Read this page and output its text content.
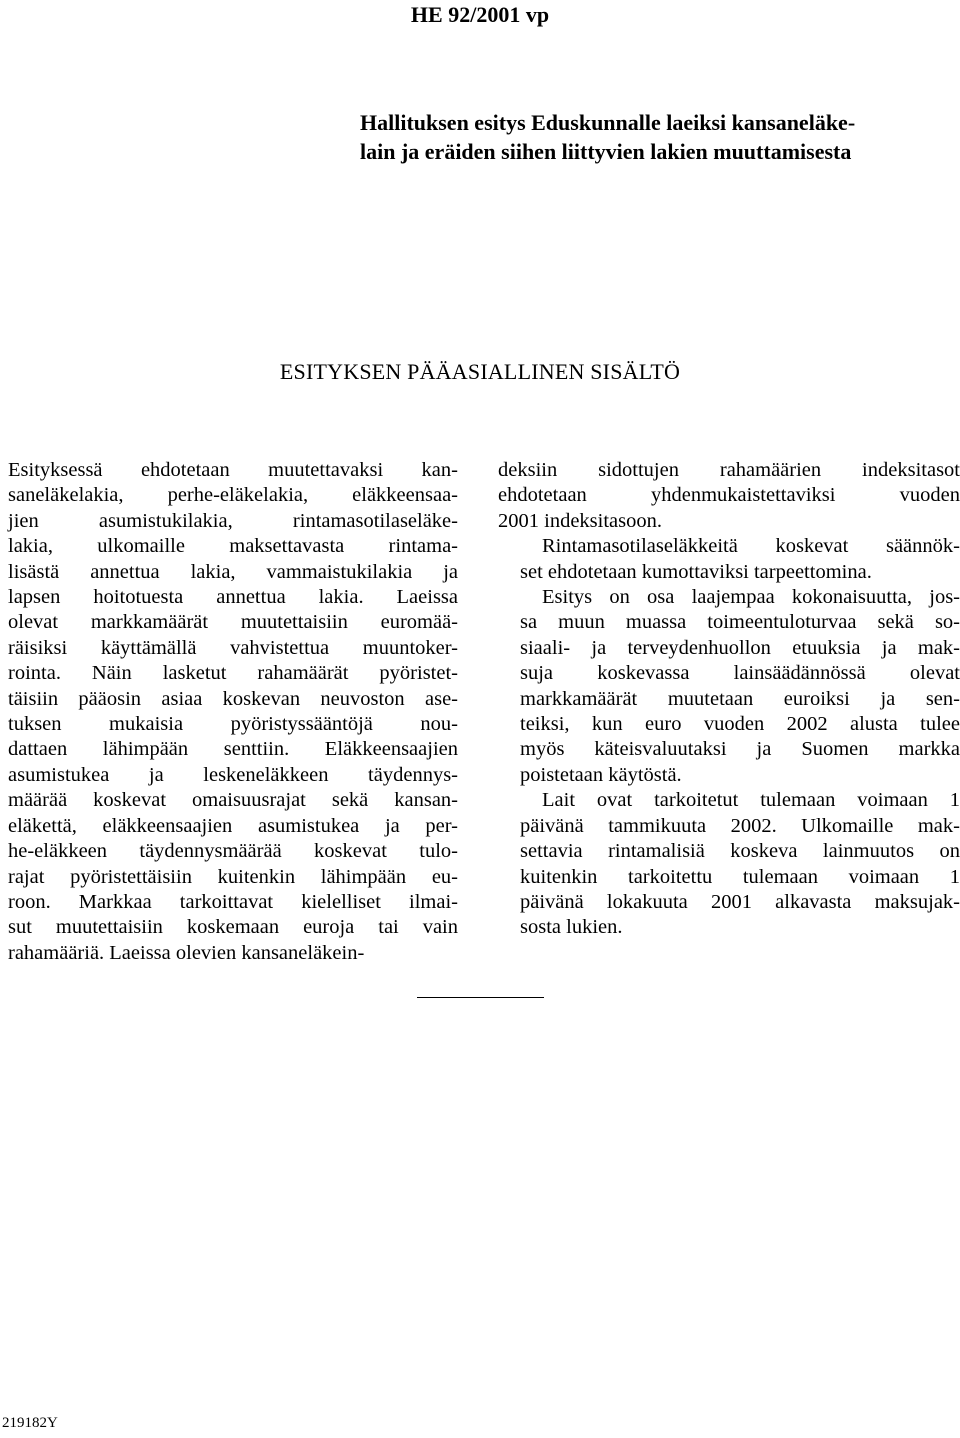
HE 92/2001 vp
Hallituksen esitys Eduskunnalle laeiksi kansaneläke-
lain ja eräiden siihen liittyvien lakien muuttamisesta
ESITYKSEN PÄÄASIALLINEN SISÄLTÖ

Esityksessä ehdotetaan muutettavaksi kan-
saneläkelakia, perhe-eläkelakia, eläkkeensaa-
jien asumistukilakia, rintamasotilaseläke-
lakia, ulkomaille maksettavasta rintama-
lisästä annettua lakia, vammaistukilakia ja
lapsen hoitotuesta annettua lakia. Laeissa
olevat markkamäärät muutettaisiin euromää-
räisiksi käyttämällä vahvistettua muuntoker-
rointa. Näin lasketut rahamäärät pyöristet-
täisiin pääosin asiaa koskevan neuvoston ase-
tuksen mukaisia pyöristyssääntöjä nou-
dattaen lähimpään senttiin. Eläkkeensaajien
asumistukea ja leskeneläkkeen täydennys-
määrää koskevat omaisuusrajat sekä kansan-
eläkettä, eläkkeensaajien asumistukea ja per-
he-eläkkeen täydennysmäärää koskevat tulo-
rajat pyöristettäisiin kuitenkin lähimpään eu-
roon. Markkaa tarkoittavat kielelliset ilmai-
sut muutettaisiin koskemaan euroja tai vain
rahamääriä. Laeissa olevien kansaneläkein-

deksiin sidottujen rahamäärien indeksitasot
ehdotetaan yhdenmukaistettaviksi vuoden
2001 indeksitasoon.

Rintamasotilaseläkkeitä koskevat säännök-
set ehdotetaan kumottaviksi tarpeettomina.

Esitys on osa laajempaa kokonaisuutta, jos-
sa muun muassa toimeentuloturvaa sekä so-
siaali- ja terveydenhuollon etuuksia ja mak-
suja koskevassa lainsäädännössä olevat
markkamäärät muutetaan euroiksi ja sen-
teiksi, kun euro vuoden 2002 alusta tulee
myös käteisvaluutaksi ja Suomen markka
poistetaan käytöstä.

Lait ovat tarkoitetut tulemaan voimaan 1
päivänä tammikuuta 2002. Ulkomaille mak-
settavia rintamalisiä koskeva lainmuutos on
kuitenkin tarkoitettu tulemaan voimaan 1
päivänä lokakuuta 2001 alkavasta maksujak-
sosta lukien.

219182Y
